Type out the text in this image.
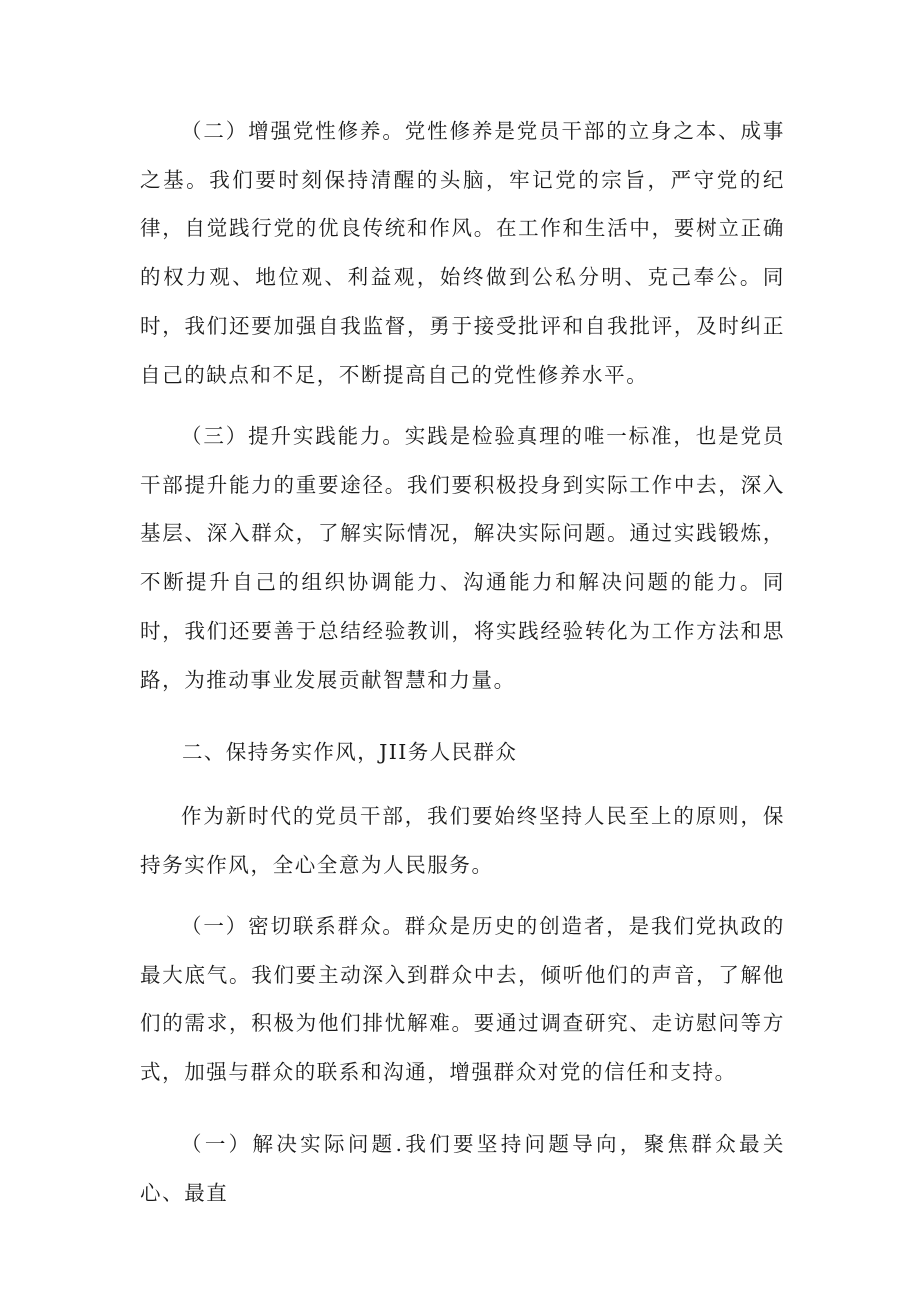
（二）增强党性修养。党性修养是党员干部的立身之本、成事之基。我们要时刻保持清醒的头脑，牢记党的宗旨，严守党的纪律，自觉践行党的优良传统和作风。在工作和生活中，要树立正确的权力观、地位观、利益观，始终做到公私分明、克己奉公。同时，我们还要加强自我监督，勇于接受批评和自我批评，及时纠正自己的缺点和不足，不断提高自己的党性修养水平。

（三）提升实践能力。实践是检验真理的唯一标准，也是党员干部提升能力的重要途径。我们要积极投身到实际工作中去，深入基层、深入群众，了解实际情况，解决实际问题。通过实践锻炼，不断提升自己的组织协调能力、沟通能力和解决问题的能力。同时，我们还要善于总结经验教训，将实践经验转化为工作方法和思路，为推动事业发展贡献智慧和力量。

二、保持务实作风，JII务人民群众

作为新时代的党员干部，我们要始终坚持人民至上的原则，保持务实作风，全心全意为人民服务。

（一）密切联系群众。群众是历史的创造者，是我们党执政的最大底气。我们要主动深入到群众中去，倾听他们的声音，了解他们的需求，积极为他们排忧解难。要通过调查研究、走访慰问等方式，加强与群众的联系和沟通，增强群众对党的信任和支持。

（一）解决实际问题.我们要坚持问题导向，聚焦群众最关心、最直
